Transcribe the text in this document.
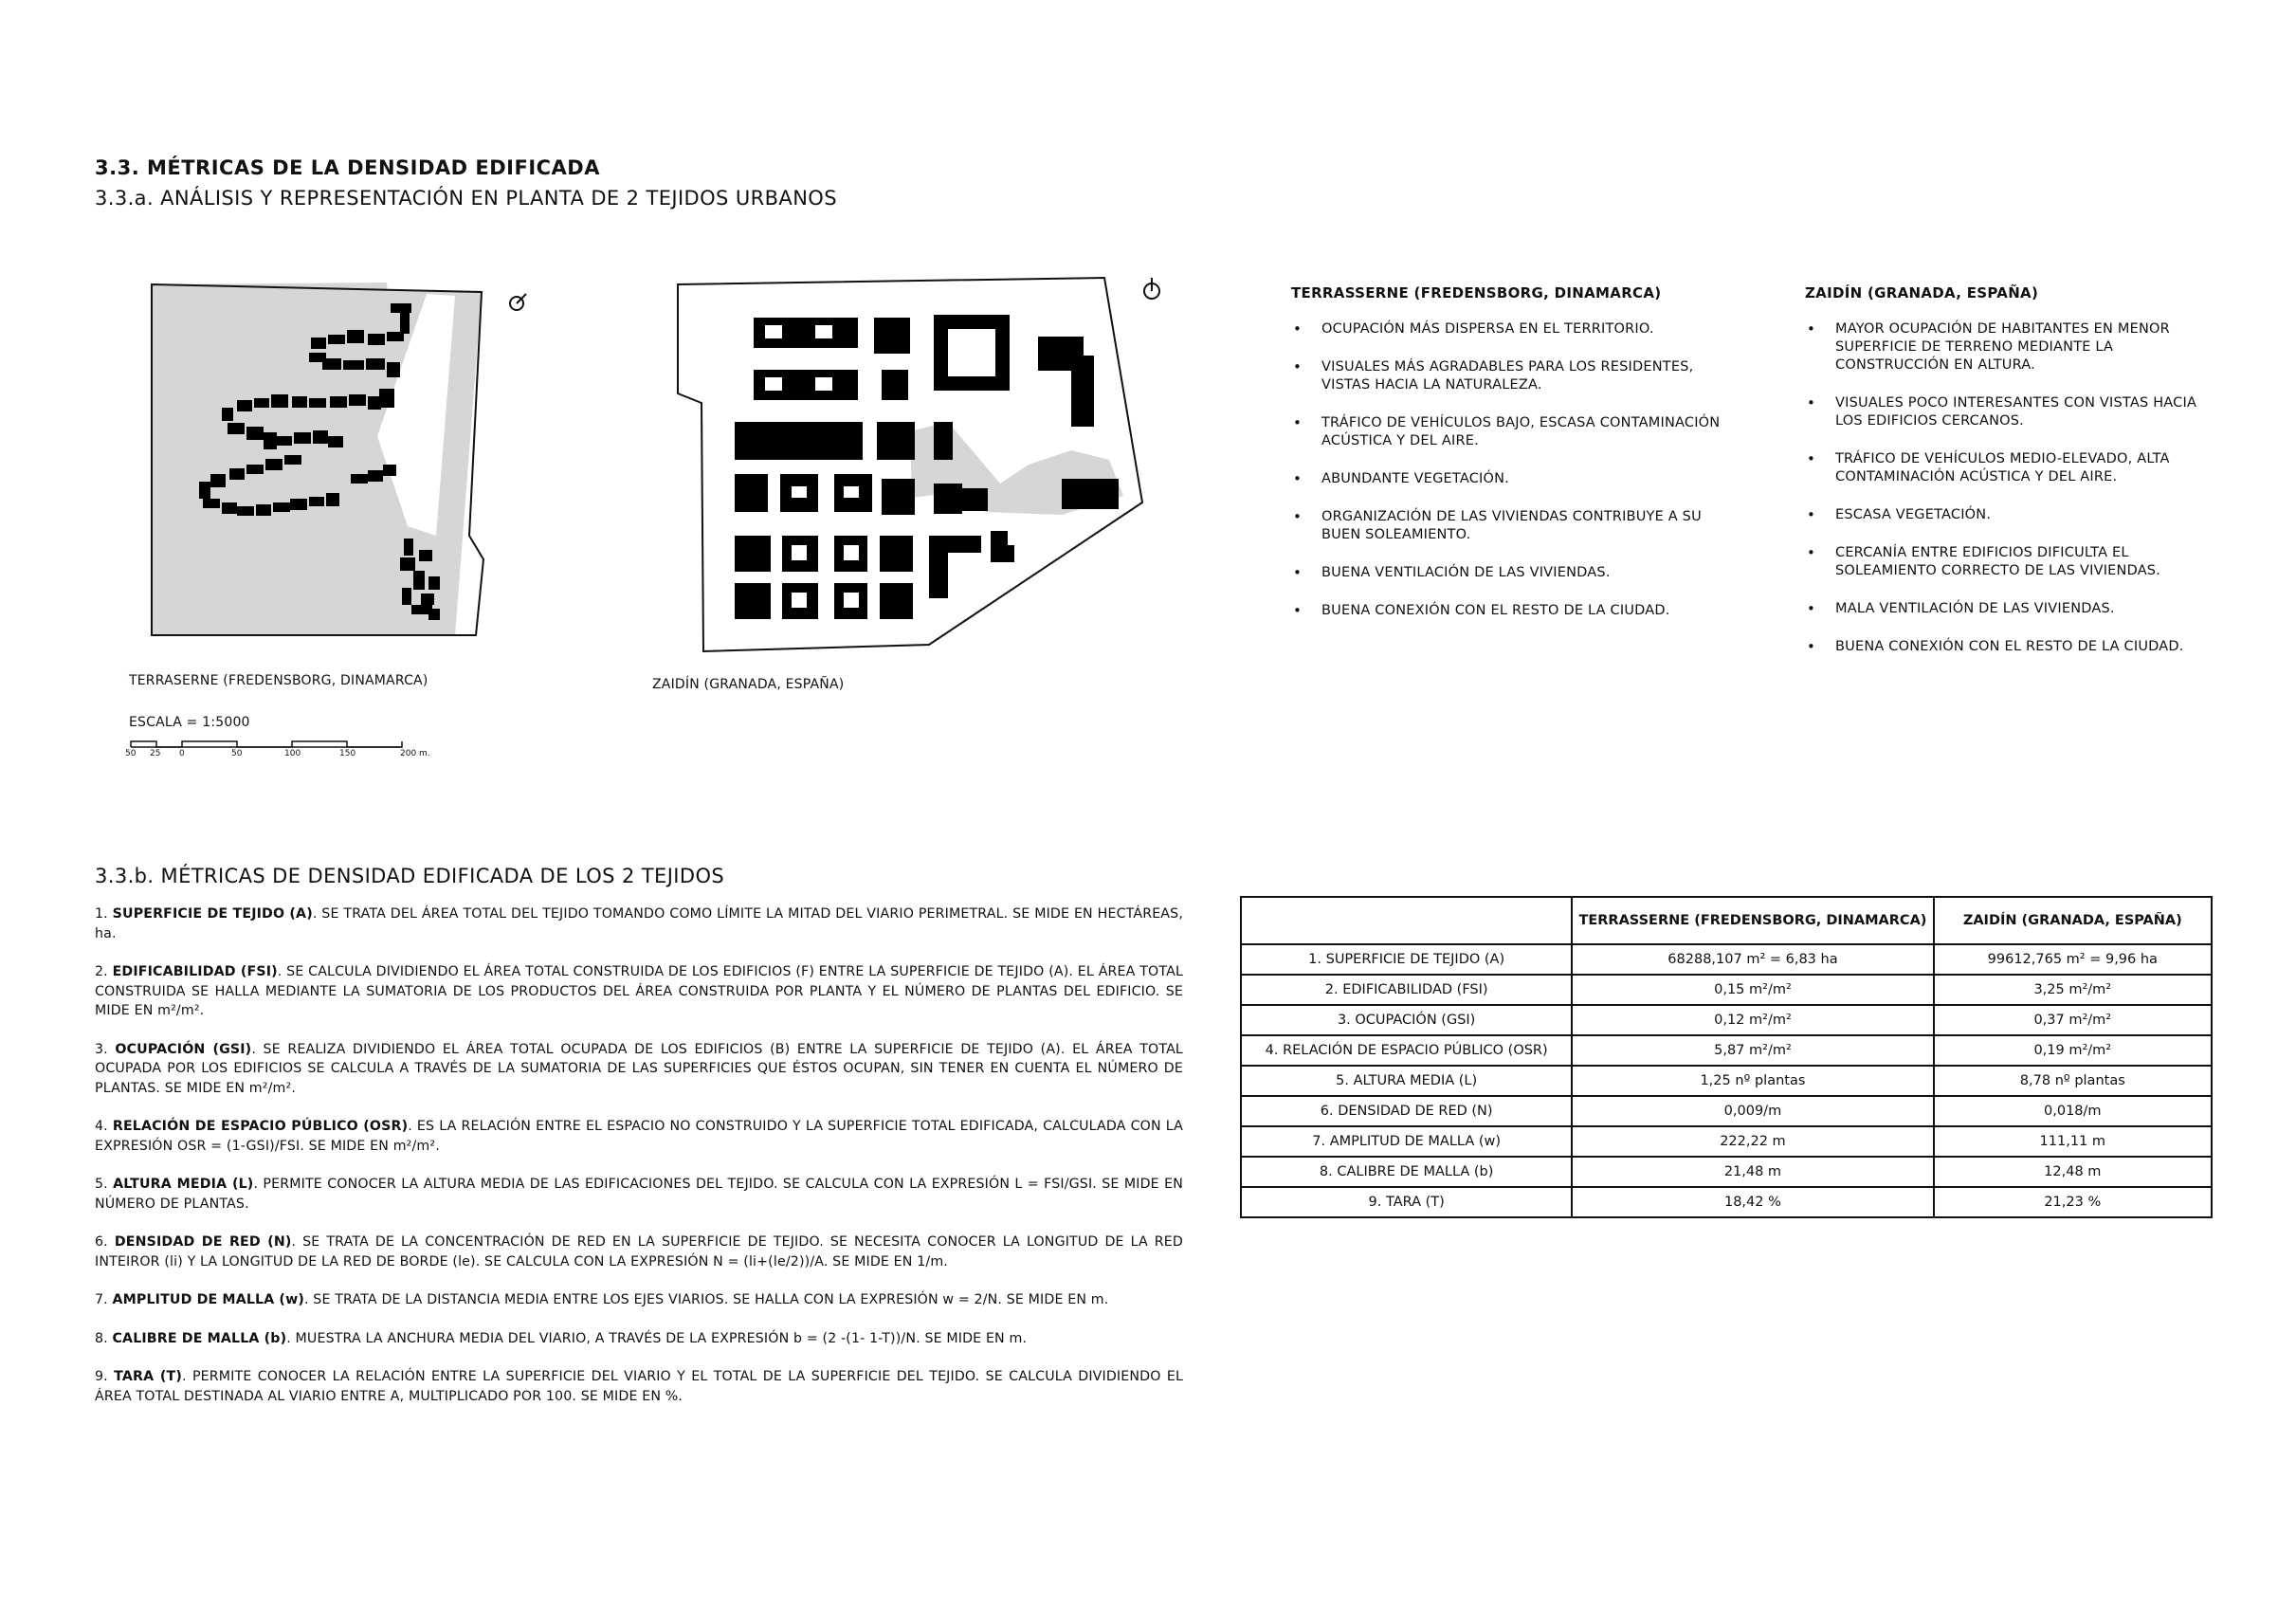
3.3. MÉTRICAS DE LA DENSIDAD EDIFICADA
3.3.a. ANÁLISIS Y REPRESENTACIÓN EN PLANTA DE 2 TEJIDOS URBANOS
TERRASERNE (FREDENSBORG, DINAMARCA)	ZAIDÍN (GRANADA, ESPAÑA)
ESCALA = 1:5000
50 25 0	50	100	150	200 m.
TERRASSERNE (FREDENSBORG, DINAMARCA)
• OCUPACIÓN MÁS DISPERSA EN EL TERRITORIO.
• VISUALES MÁS AGRADABLES PARA LOS RESIDENTES, VISTAS HACIA LA NATURALEZA.
• TRÁFICO DE VEHÍCULOS BAJO, ESCASA CONTAMINACIÓN ACÚSTICA Y DEL AIRE.
• ABUNDANTE VEGETACIÓN.
• ORGANIZACIÓN DE LAS VIVIENDAS CONTRIBUYE A SU BUEN SOLEAMIENTO.
• BUENA VENTILACIÓN DE LAS VIVIENDAS.
• BUENA CONEXIÓN CON EL RESTO DE LA CIUDAD.
ZAIDÍN (GRANADA, ESPAÑA)
• MAYOR OCUPACIÓN DE HABITANTES EN MENOR SUPERFICIE DE TERRENO MEDIANTE LA CONSTRUCCIÓN EN ALTURA.
• VISUALES POCO INTERESANTES CON VISTAS HACIA LOS EDIFICIOS CERCANOS.
• TRÁFICO DE VEHÍCULOS MEDIO-ELEVADO, ALTA CONTAMINACIÓN ACÚSTICA Y DEL AIRE.
• ESCASA VEGETACIÓN.
• CERCANÍA ENTRE EDIFICIOS DIFICULTA EL SOLEAMIENTO CORRECTO DE LAS VIVIENDAS.
• MALA VENTILACIÓN DE LAS VIVIENDAS.
• BUENA CONEXIÓN CON EL RESTO DE LA CIUDAD.
3.3.b. MÉTRICAS DE DENSIDAD EDIFICADA DE LOS 2 TEJIDOS

1. SUPERFICIE DE TEJIDO (A). SE TRATA DEL ÁREA TOTAL DEL TEJIDO TOMANDO COMO LÍMITE LA MITAD DEL VIARIO PERIMETRAL. SE MIDE EN HECTÁREAS, ha.

2. EDIFICABILIDAD (FSI). SE CALCULA DIVIDIENDO EL ÁREA TOTAL CONSTRUIDA DE LOS EDIFICIOS (F) ENTRE LA SUPERFICIE DE TEJIDO (A). EL ÁREA TOTAL CONSTRUIDA SE HALLA MEDIANTE LA SUMATORIA DE LOS PRODUCTOS DEL ÁREA CONSTRUIDA POR PLANTA Y EL NÚMERO DE PLANTAS DEL EDIFICIO. SE MIDE EN m²/m².

3. OCUPACIÓN (GSI). SE REALIZA DIVIDIENDO EL ÁREA TOTAL OCUPADA DE LOS EDIFICIOS (B) ENTRE LA SUPERFICIE DE TEJIDO (A). EL ÁREA TOTAL OCUPADA POR LOS EDIFICIOS SE CALCULA A TRAVÉS DE LA SUMATORIA DE LAS SUPERFICIES QUE ÉSTOS OCUPAN, SIN TENER EN CUENTA EL NÚMERO DE PLANTAS. SE MIDE EN m²/m².

4. RELACIÓN DE ESPACIO PÚBLICO (OSR). ES LA RELACIÓN ENTRE EL ESPACIO NO CONSTRUIDO Y LA SUPERFICIE TOTAL EDIFICADA, CALCULADA CON LA EXPRESIÓN OSR = (1-GSI)/FSI. SE MIDE EN m²/m².

5. ALTURA MEDIA (L). PERMITE CONOCER LA ALTURA MEDIA DE LAS EDIFICACIONES DEL TEJIDO. SE CALCULA CON LA EXPRESIÓN L = FSI/GSI. SE MIDE EN NÚMERO DE PLANTAS.

6. DENSIDAD DE RED (N). SE TRATA DE LA CONCENTRACIÓN DE RED EN LA SUPERFICIE DE TEJIDO. SE NECESITA CONOCER LA LONGITUD DE LA RED INTEIROR (li) Y LA LONGITUD DE LA RED DE BORDE (le). SE CALCULA CON LA EXPRESIÓN N = (li+(le/2))/A. SE MIDE EN 1/m.

7. AMPLITUD DE MALLA (w). SE TRATA DE LA DISTANCIA MEDIA ENTRE LOS EJES VIARIOS. SE HALLA CON LA EXPRESIÓN w = 2/N. SE MIDE EN m.

8. CALIBRE DE MALLA (b). MUESTRA LA ANCHURA MEDIA DEL VIARIO, A TRAVÉS DE LA EXPRESIÓN b = (2 -(1- 1-T))/N. SE MIDE EN m.

9. TARA (T). PERMITE CONOCER LA RELACIÓN ENTRE LA SUPERFICIE DEL VIARIO Y EL TOTAL DE LA SUPERFICIE DEL TEJIDO. SE CALCULA DIVIDIENDO EL ÁREA TOTAL DESTINADA AL VIARIO ENTRE A, MULTIPLICADO POR 100. SE MIDE EN %.

	TERRASSERNE (FREDENSBORG, DINAMARCA)	ZAIDÍN (GRANADA, ESPAÑA)
1. SUPERFICIE DE TEJIDO (A)	68288,107 m² = 6,83 ha	99612,765 m² = 9,96 ha
2. EDIFICABILIDAD (FSI)	0,15 m²/m²	3,25 m²/m²
3. OCUPACIÓN (GSI)	0,12 m²/m²	0,37 m²/m²
4. RELACIÓN DE ESPACIO PÚBLICO (OSR)	5,87 m²/m²	0,19 m²/m²
5. ALTURA MEDIA (L)	1,25 nº plantas	8,78 nº plantas
6. DENSIDAD DE RED (N)	0,009/m	0,018/m
7. AMPLITUD DE MALLA (w)	222,22 m	111,11 m
8. CALIBRE DE MALLA (b)	21,48 m	12,48 m
9. TARA (T)	18,42 %	21,23 %
